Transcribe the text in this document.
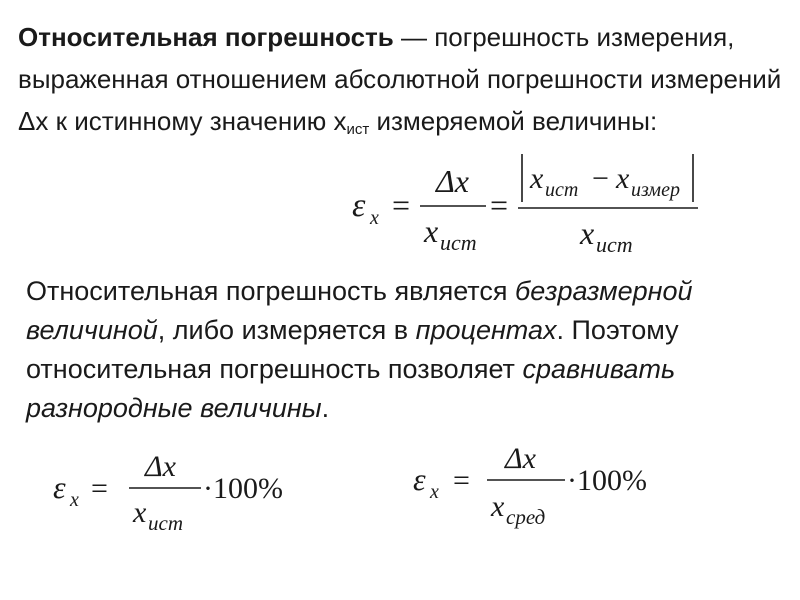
Относительная погрешность — погрешность измерения, выраженная отношением абсолютной погрешности измерений Δx к истинному значению $x_{ист}$ измеряемой величины:

ε x =
Δx
x ист
=
x ист − x измер
x ист

Относительная погрешность является безразмерной величиной, либо измеряется в процентах. Поэтому относительная погрешность позволяет сравнивать разнородные величины.

ε x =
Δx
x ист
·100%	ε x =
Δx
x сред
·100%
